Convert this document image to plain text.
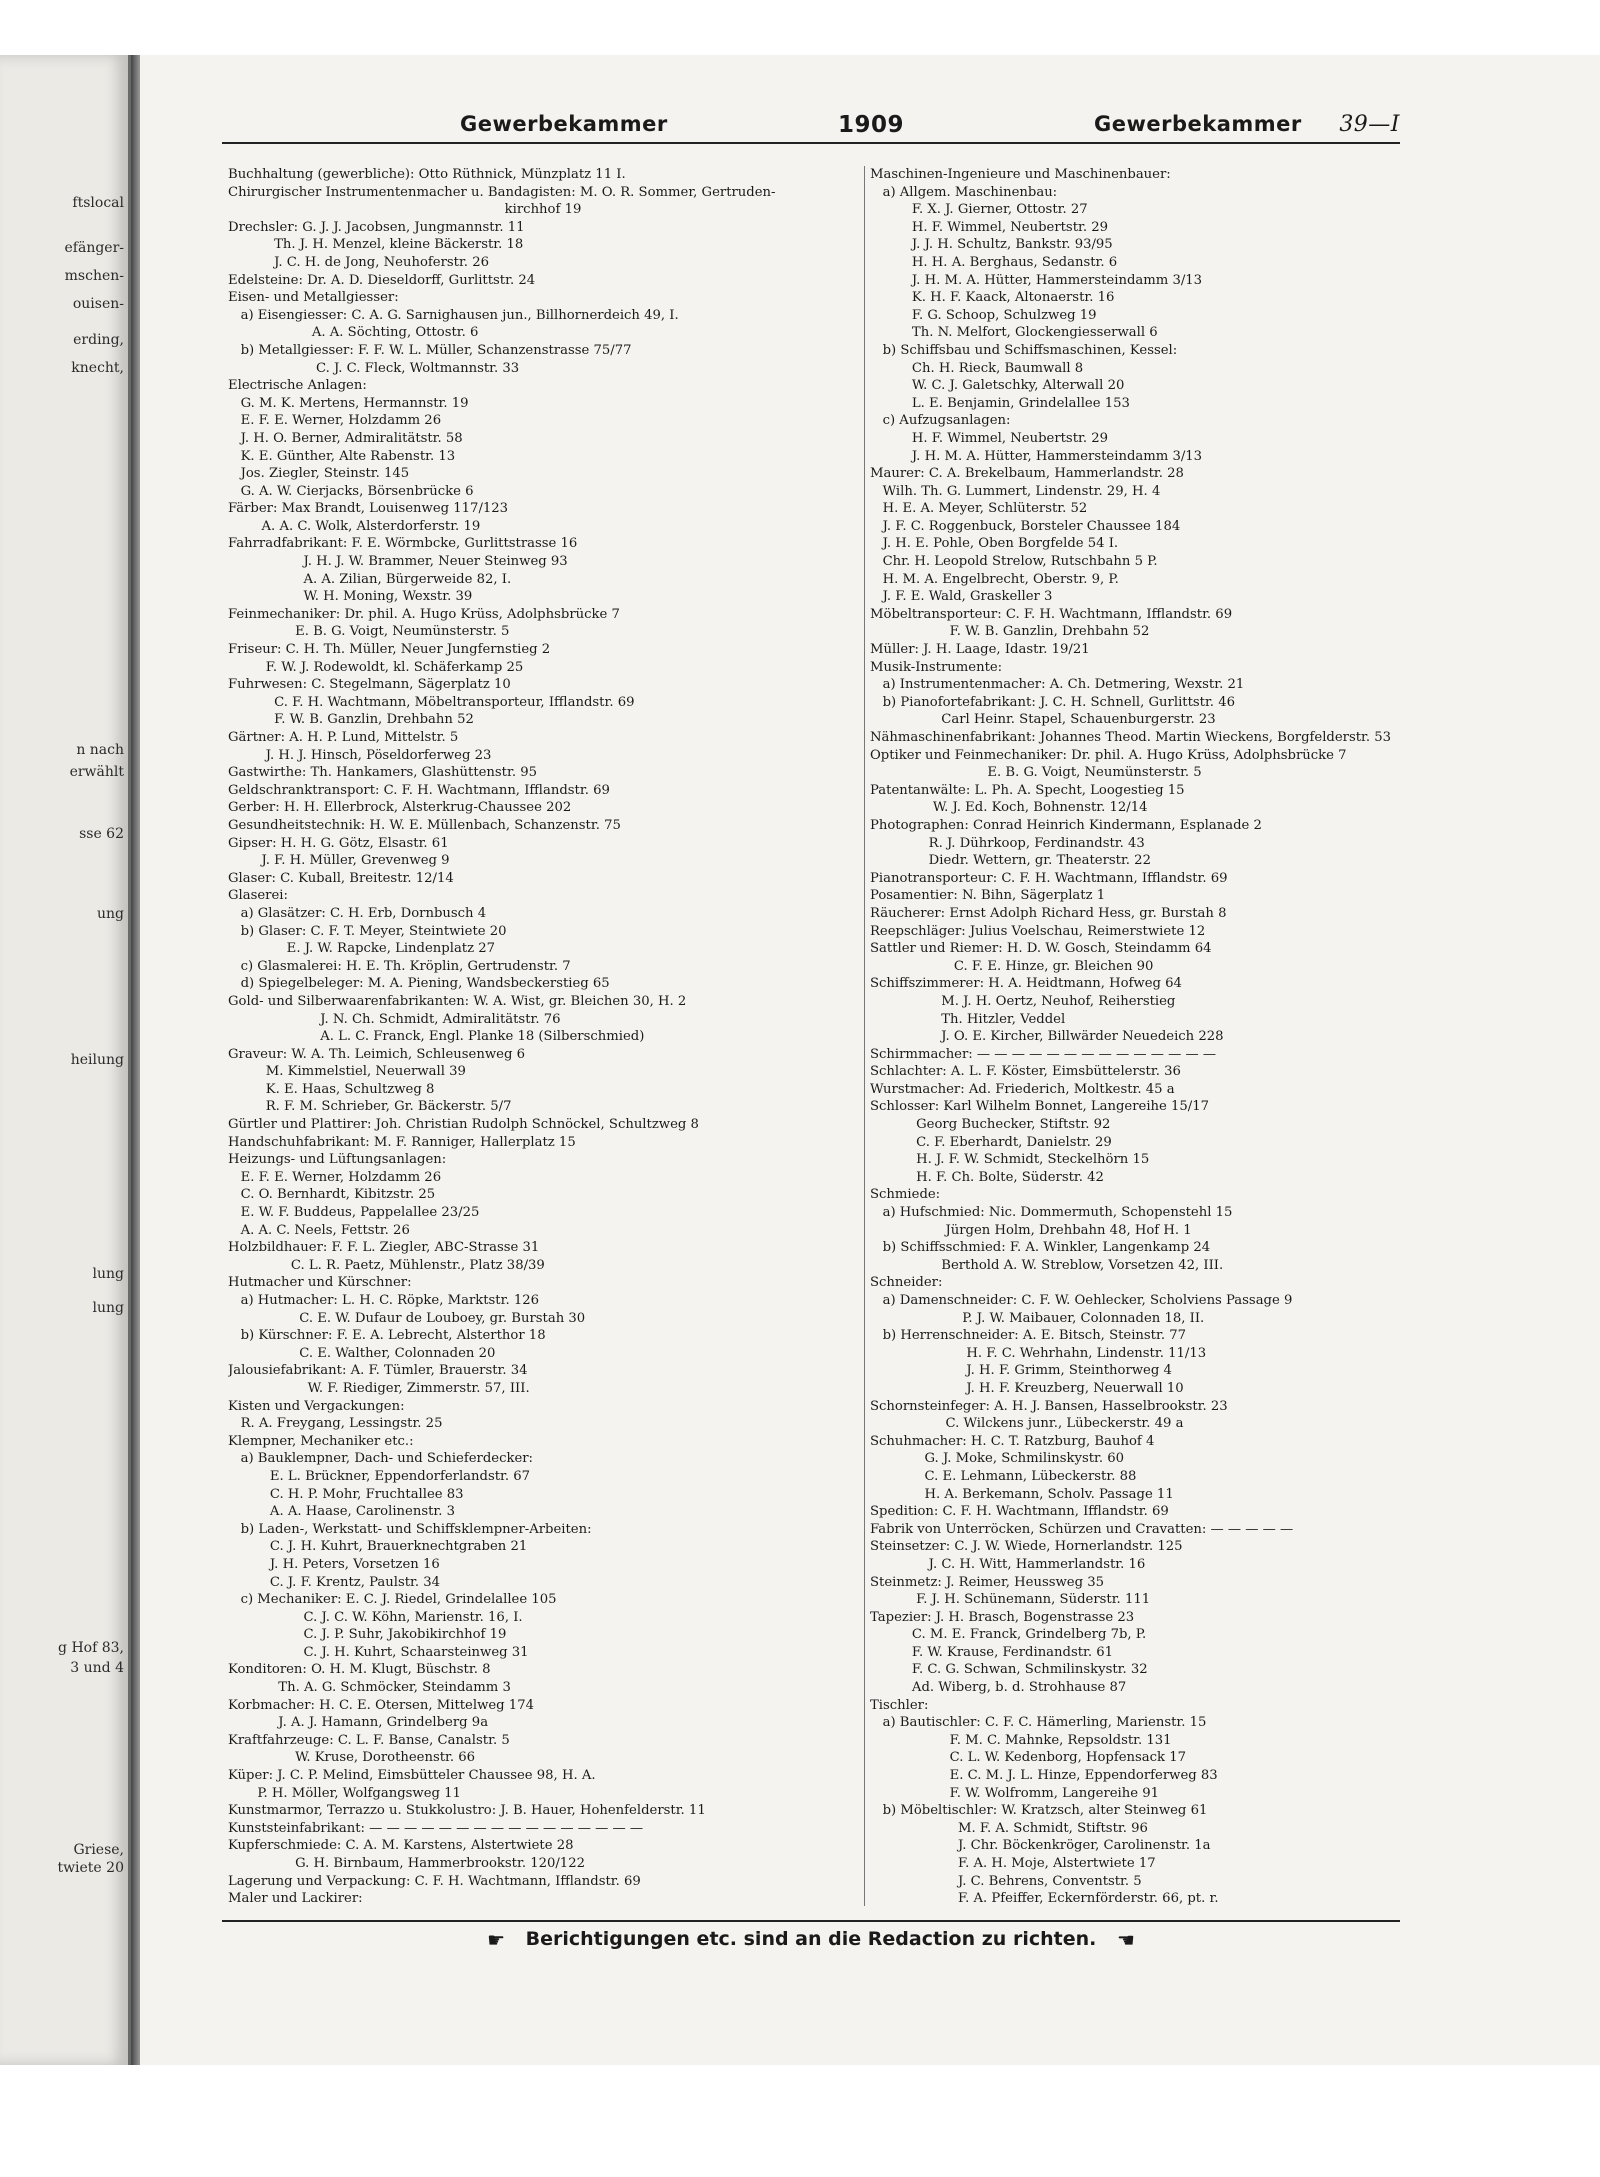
ftslocal
efänger-
mschen-
ouisen-
erding,
knecht,
n nach
erwählt
sse 62
ung
heilung
lung
lung
g Hof 83,
3 und 4
Griese,
twiete 20
Gewerbekammer	1909	Gewerbekammer 39—I
Buchhaltung (gewerbliche): Otto Rüthnick, Münzplatz 11 I.
Chirurgischer Instrumentenmacher u. Bandagisten: M. O. R. Sommer, Gertruden-
kirchhof 19
Drechsler: G. J. J. Jacobsen, Jungmannstr. 11
Th. J. H. Menzel, kleine Bäckerstr. 18
J. C. H. de Jong, Neuhoferstr. 26
Edelsteine: Dr. A. D. Dieseldorff, Gurlittstr. 24
Eisen- und Metallgiesser:
a) Eisengiesser: C. A. G. Sarnighausen jun., Billhornerdeich 49, I.
A. A. Söchting, Ottostr. 6
b) Metallgiesser: F. F. W. L. Müller, Schanzenstrasse 75/77
C. J. C. Fleck, Woltmannstr. 33
Electrische Anlagen:
G. M. K. Mertens, Hermannstr. 19
E. F. E. Werner, Holzdamm 26
J. H. O. Berner, Admiralitätstr. 58
K. E. Günther, Alte Rabenstr. 13
Jos. Ziegler, Steinstr. 145
G. A. W. Cierjacks, Börsenbrücke 6
Färber: Max Brandt, Louisenweg 117/123
A. A. C. Wolk, Alsterdorferstr. 19
Fahrradfabrikant: F. E. Wörmbcke, Gurlittstrasse 16
J. H. J. W. Brammer, Neuer Steinweg 93
A. A. Zilian, Bürgerweide 82, I.
W. H. Moning, Wexstr. 39
Feinmechaniker: Dr. phil. A. Hugo Krüss, Adolphsbrücke 7
E. B. G. Voigt, Neumünsterstr. 5
Friseur: C. H. Th. Müller, Neuer Jungfernstieg 2
F. W. J. Rodewoldt, kl. Schäferkamp 25
Fuhrwesen: C. Stegelmann, Sägerplatz 10
C. F. H. Wachtmann, Möbeltransporteur, Ifflandstr. 69
F. W. B. Ganzlin, Drehbahn 52
Gärtner: A. H. P. Lund, Mittelstr. 5
J. H. J. Hinsch, Pöseldorferweg 23
Gastwirthe: Th. Hankamers, Glashüttenstr. 95
Geldschranktransport: C. F. H. Wachtmann, Ifflandstr. 69
Gerber: H. H. Ellerbrock, Alsterkrug-Chaussee 202
Gesundheitstechnik: H. W. E. Müllenbach, Schanzenstr. 75
Gipser: H. H. G. Götz, Elsastr. 61
J. F. H. Müller, Grevenweg 9
Glaser: C. Kuball, Breitestr. 12/14
Glaserei:
a) Glasätzer: C. H. Erb, Dornbusch 4
b) Glaser: C. F. T. Meyer, Steintwiete 20
E. J. W. Rapcke, Lindenplatz 27
c) Glasmalerei: H. E. Th. Kröplin, Gertrudenstr. 7
d) Spiegelbeleger: M. A. Piening, Wandsbeckerstieg 65
Gold- und Silberwaarenfabrikanten: W. A. Wist, gr. Bleichen 30, H. 2
J. N. Ch. Schmidt, Admiralitätstr. 76
A. L. C. Franck, Engl. Planke 18 (Silberschmied)
Graveur: W. A. Th. Leimich, Schleusenweg 6
M. Kimmelstiel, Neuerwall 39
K. E. Haas, Schultzweg 8
R. F. M. Schrieber, Gr. Bäckerstr. 5/7
Gürtler und Plattirer: Joh. Christian Rudolph Schnöckel, Schultzweg 8
Handschuhfabrikant: M. F. Ranniger, Hallerplatz 15
Heizungs- und Lüftungsanlagen:
E. F. E. Werner, Holzdamm 26
C. O. Bernhardt, Kibitzstr. 25
E. W. F. Buddeus, Pappelallee 23/25
A. A. C. Neels, Fettstr. 26
Holzbildhauer: F. F. L. Ziegler, ABC-Strasse 31
C. L. R. Paetz, Mühlenstr., Platz 38/39
Hutmacher und Kürschner:
a) Hutmacher: L. H. C. Röpke, Marktstr. 126
C. E. W. Dufaur de Louboey, gr. Burstah 30
b) Kürschner: F. E. A. Lebrecht, Alsterthor 18
C. E. Walther, Colonnaden 20
Jalousiefabrikant: A. F. Tümler, Brauerstr. 34
W. F. Riediger, Zimmerstr. 57, III.
Kisten und Vergackungen:
R. A. Freygang, Lessingstr. 25
Klempner, Mechaniker etc.:
a) Bauklempner, Dach- und Schieferdecker:
E. L. Brückner, Eppendorferlandstr. 67
C. H. P. Mohr, Fruchtallee 83
A. A. Haase, Carolinenstr. 3
b) Laden-, Werkstatt- und Schiffsklempner-Arbeiten:
C. J. H. Kuhrt, Brauerknechtgraben 21
J. H. Peters, Vorsetzen 16
C. J. F. Krentz, Paulstr. 34
c) Mechaniker: E. C. J. Riedel, Grindelallee 105
C. J. C. W. Köhn, Marienstr. 16, I.
C. J. P. Suhr, Jakobikirchhof 19
C. J. H. Kuhrt, Schaarsteinweg 31
Konditoren: O. H. M. Klugt, Büschstr. 8
Th. A. G. Schmöcker, Steindamm 3
Korbmacher: H. C. E. Otersen, Mittelweg 174
J. A. J. Hamann, Grindelberg 9a
Kraftfahrzeuge: C. L. F. Banse, Canalstr. 5
W. Kruse, Dorotheenstr. 66
Küper: J. C. P. Melind, Eimsbütteler Chaussee 98, H. A.
P. H. Möller, Wolfgangsweg 11
Kunstmarmor, Terrazzo u. Stukkolustro: J. B. Hauer, Hohenfelderstr. 11
Kunststeinfabrikant: — — — — — — — — — — — — — — — —
Kupferschmiede: C. A. M. Karstens, Alstertwiete 28
G. H. Birnbaum, Hammerbrookstr. 120/122
Lagerung und Verpackung: C. F. H. Wachtmann, Ifflandstr. 69
Maler und Lackirer:
Maschinen-Ingenieure und Maschinenbauer:
a) Allgem. Maschinenbau:
F. X. J. Gierner, Ottostr. 27
H. F. Wimmel, Neubertstr. 29
J. J. H. Schultz, Bankstr. 93/95
H. H. A. Berghaus, Sedanstr. 6
J. H. M. A. Hütter, Hammersteindamm 3/13
K. H. F. Kaack, Altonaerstr. 16
F. G. Schoop, Schulzweg 19
Th. N. Melfort, Glockengiesserwall 6
b) Schiffsbau und Schiffsmaschinen, Kessel:
Ch. H. Rieck, Baumwall 8
W. C. J. Galetschky, Alterwall 20
L. E. Benjamin, Grindelallee 153
c) Aufzugsanlagen:
H. F. Wimmel, Neubertstr. 29
J. H. M. A. Hütter, Hammersteindamm 3/13
Maurer: C. A. Brekelbaum, Hammerlandstr. 28
Wilh. Th. G. Lummert, Lindenstr. 29, H. 4
H. E. A. Meyer, Schlüterstr. 52
J. F. C. Roggenbuck, Borsteler Chaussee 184
J. H. E. Pohle, Oben Borgfelde 54 I.
Chr. H. Leopold Strelow, Rutschbahn 5 P.
H. M. A. Engelbrecht, Oberstr. 9, P.
J. F. E. Wald, Graskeller 3
Möbeltransporteur: C. F. H. Wachtmann, Ifflandstr. 69
F. W. B. Ganzlin, Drehbahn 52
Müller: J. H. Laage, Idastr. 19/21
Musik-Instrumente:
a) Instrumentenmacher: A. Ch. Detmering, Wexstr. 21
b) Pianofortefabrikant: J. C. H. Schnell, Gurlittstr. 46
Carl Heinr. Stapel, Schauenburgerstr. 23
Nähmaschinenfabrikant: Johannes Theod. Martin Wieckens, Borgfelderstr. 53
Optiker und Feinmechaniker: Dr. phil. A. Hugo Krüss, Adolphsbrücke 7
E. B. G. Voigt, Neumünsterstr. 5
Patentanwälte: L. Ph. A. Specht, Loogestieg 15
W. J. Ed. Koch, Bohnenstr. 12/14
Photographen: Conrad Heinrich Kindermann, Esplanade 2
R. J. Dührkoop, Ferdinandstr. 43
Diedr. Wettern, gr. Theaterstr. 22
Pianotransporteur: C. F. H. Wachtmann, Ifflandstr. 69
Posamentier: N. Bihn, Sägerplatz 1
Räucherer: Ernst Adolph Richard Hess, gr. Burstah 8
Reepschläger: Julius Voelschau, Reimerstwiete 12
Sattler und Riemer: H. D. W. Gosch, Steindamm 64
C. F. E. Hinze, gr. Bleichen 90
Schiffszimmerer: H. A. Heidtmann, Hofweg 64
M. J. H. Oertz, Neuhof, Reiherstieg
Th. Hitzler, Veddel
J. O. E. Kircher, Billwärder Neuedeich 228
Schirmmacher: — — — — — — — — — — — — — —
Schlachter: A. L. F. Köster, Eimsbüttelerstr. 36
Wurstmacher: Ad. Friederich, Moltkestr. 45 a
Schlosser: Karl Wilhelm Bonnet, Langereihe 15/17
Georg Buchecker, Stiftstr. 92
C. F. Eberhardt, Danielstr. 29
H. J. F. W. Schmidt, Steckelhörn 15
H. F. Ch. Bolte, Süderstr. 42
Schmiede:
a) Hufschmied: Nic. Dommermuth, Schopenstehl 15
Jürgen Holm, Drehbahn 48, Hof H. 1
b) Schiffsschmied: F. A. Winkler, Langenkamp 24
Berthold A. W. Streblow, Vorsetzen 42, III.
Schneider:
a) Damenschneider: C. F. W. Oehlecker, Scholviens Passage 9
P. J. W. Maibauer, Colonnaden 18, II.
b) Herrenschneider: A. E. Bitsch, Steinstr. 77
H. F. C. Wehrhahn, Lindenstr. 11/13
J. H. F. Grimm, Steinthorweg 4
J. H. F. Kreuzberg, Neuerwall 10
Schornsteinfeger: A. H. J. Bansen, Hasselbrookstr. 23
C. Wilckens junr., Lübeckerstr. 49 a
Schuhmacher: H. C. T. Ratzburg, Bauhof 4
G. J. Moke, Schmilinskystr. 60
C. E. Lehmann, Lübeckerstr. 88
H. A. Berkemann, Scholv. Passage 11
Spedition: C. F. H. Wachtmann, Ifflandstr. 69
Fabrik von Unterröcken, Schürzen und Cravatten: — — — — —
Steinsetzer: C. J. W. Wiede, Hornerlandstr. 125
J. C. H. Witt, Hammerlandstr. 16
Steinmetz: J. Reimer, Heussweg 35
F. J. H. Schünemann, Süderstr. 111
Tapezier: J. H. Brasch, Bogenstrasse 23
C. M. E. Franck, Grindelberg 7b, P.
F. W. Krause, Ferdinandstr. 61
F. C. G. Schwan, Schmilinskystr. 32
Ad. Wiberg, b. d. Strohhause 87
Tischler:
a) Bautischler: C. F. C. Hämerling, Marienstr. 15
F. M. C. Mahnke, Repsoldstr. 131
C. L. W. Kedenborg, Hopfensack 17
E. C. M. J. L. Hinze, Eppendorferweg 83
F. W. Wolfromm, Langereihe 91
b) Möbeltischler: W. Kratzsch, alter Steinweg 61
M. F. A. Schmidt, Stiftstr. 96
J. Chr. Böckenkröger, Carolinenstr. 1a
F. A. H. Moje, Alstertwiete 17
J. C. Behrens, Conventstr. 5
F. A. Pfeiffer, Eckernförderstr. 66, pt. r.
☛ Berichtigungen etc. sind an die Redaction zu richten. ☚
